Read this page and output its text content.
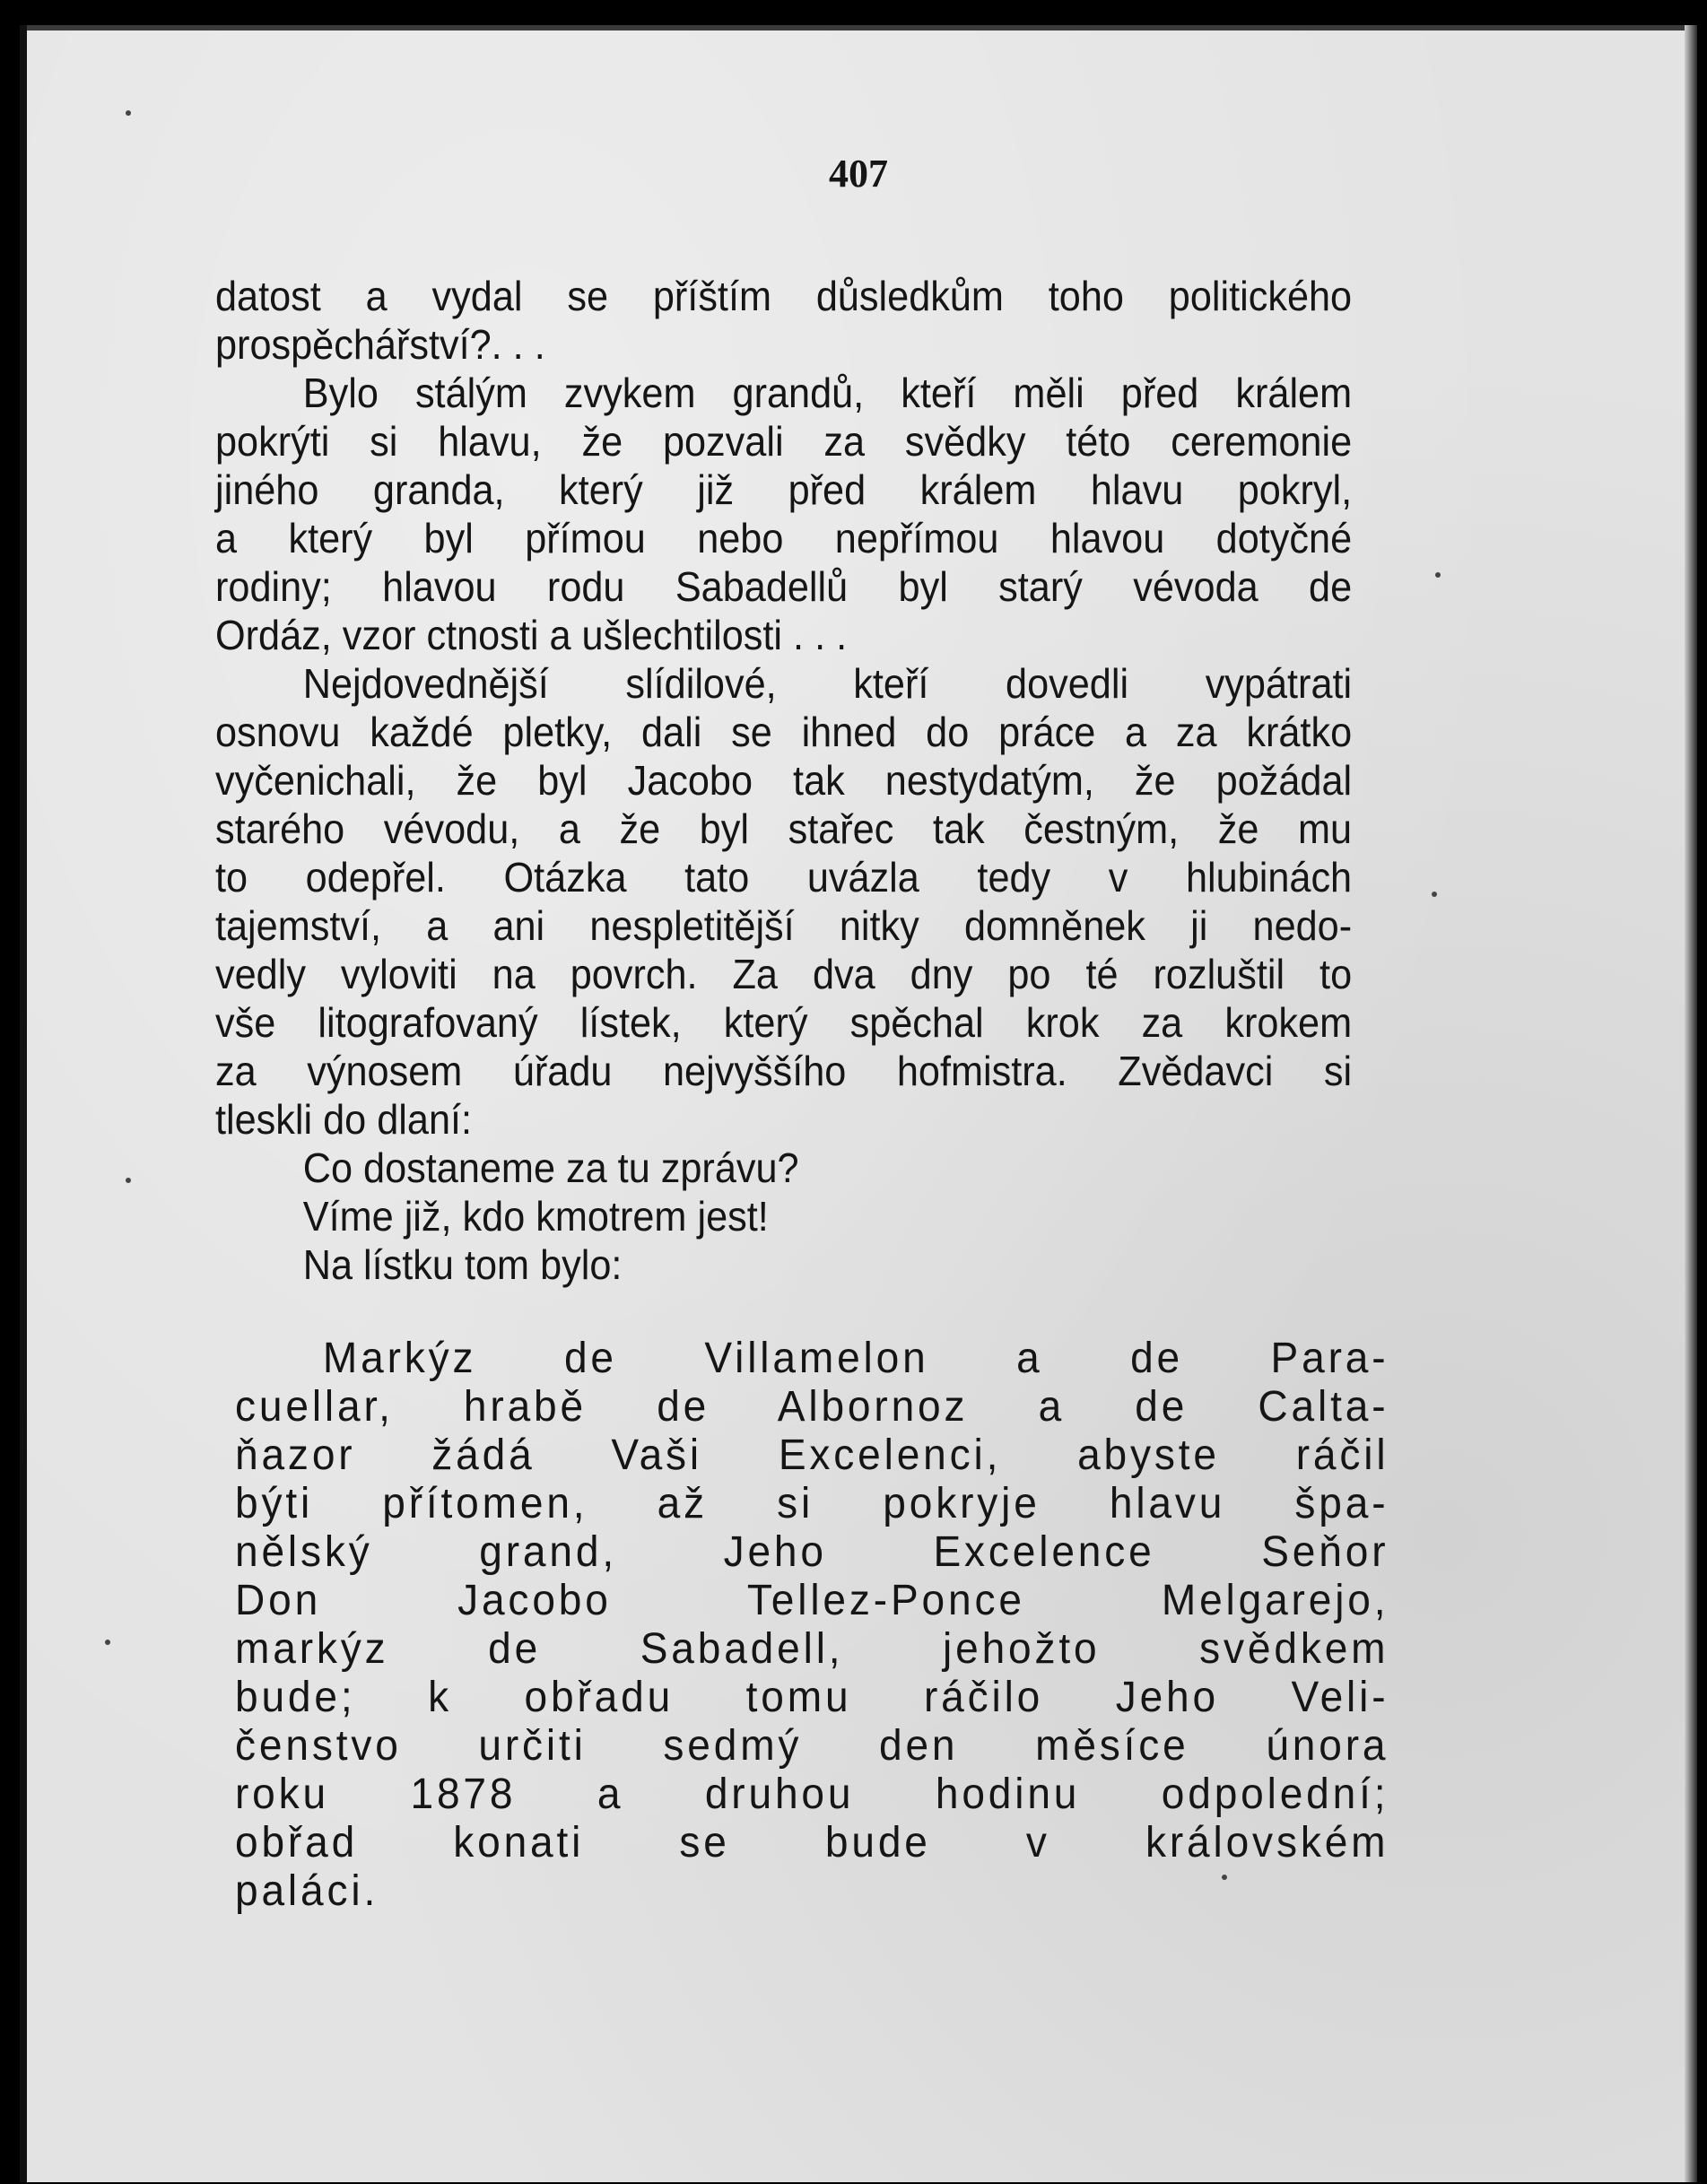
407
datost a vydal se příštím důsledkům toho politického
prospěchářství?. . .
Bylo stálým zvykem grandů, kteří měli před králem
pokrýti si hlavu, že pozvali za svědky této ceremonie
jiného granda, který již před králem hlavu pokryl,
a který byl přímou nebo nepřímou hlavou dotyčné
rodiny; hlavou rodu Sabadellů byl starý vévoda de
Ordáz, vzor ctnosti a ušlechtilosti . . .
Nejdovednější slídilové, kteří dovedli vypátrati
osnovu každé pletky, dali se ihned do práce a za krátko
vyčenichali, že byl Jacobo tak nestydatým, že požádal
starého vévodu, a že byl stařec tak čestným, že mu
to odepřel. Otázka tato uvázla tedy v hlubinách
tajemství, a ani nespletitější nitky domněnek ji nedo-
vedly vyloviti na povrch. Za dva dny po té rozluštil to
vše litografovaný lístek, který spěchal krok za krokem
za výnosem úřadu nejvyššího hofmistra. Zvědavci si
tleskli do dlaní:
Co dostaneme za tu zprávu?
Víme již, kdo kmotrem jest!
Na lístku tom bylo:
Markýz de Villamelon a de Para-
cuellar, hrabě de Albornoz a de Calta-
ňazor žádá Vaši Excelenci, abyste ráčil
býti přítomen, až si pokryje hlavu špa-
nělský grand, Jeho Excelence Seňor
Don Jacobo Tellez-Ponce Melgarejo,
markýz de Sabadell, jehožto svědkem
bude; k obřadu tomu ráčilo Jeho Veli-
čenstvo určiti sedmý den měsíce února
roku 1878 a druhou hodinu odpolední;
obřad konati se bude v královském
paláci.
